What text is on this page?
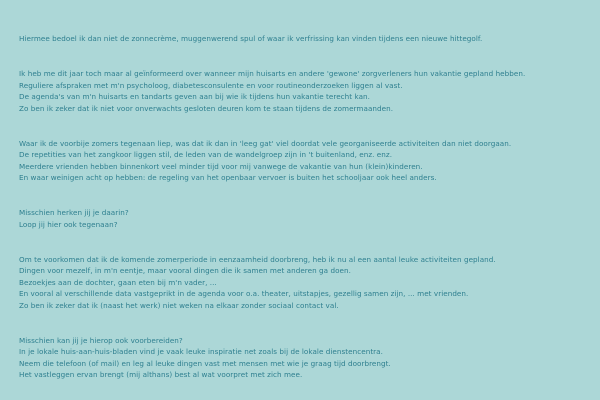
Hiermee bedoel ik dan niet de zonnecrème, muggenwerend spul of waar ik verfrissing kan vinden tijdens een nieuwe hittegolf.

Ik heb me dit jaar toch maar al geïnformeerd over wanneer mijn huisarts en andere 'gewone' zorgverleners hun vakantie gepland hebben.
Reguliere afspraken met m'n psycholoog, diabetesconsulente en voor routineonderzoeken liggen al vast.
De agenda's van m'n huisarts en tandarts geven aan bij wie ik tijdens hun vakantie terecht kan.
Zo ben ik zeker dat ik niet voor onverwachts gesloten deuren kom te staan tijdens de zomermaanden.

Waar ik de voorbije zomers tegenaan liep, was dat ik dan in 'leeg gat' viel doordat vele georganiseerde activiteiten dan niet doorgaan.
De repetities van het zangkoor liggen stil, de leden van de wandelgroep zijn in 't buitenland, enz. enz.
Meerdere vrienden hebben binnenkort veel minder tijd voor mij vanwege de vakantie van hun (klein)kinderen.
En waar weinigen acht op hebben: de regeling van het openbaar vervoer is buiten het schooljaar ook heel anders.

Misschien herken jij je daarin?
Loop jij hier ook tegenaan?

Om te voorkomen dat ik de komende zomerperiode in eenzaamheid doorbreng, heb ik nu al een aantal leuke activiteiten gepland.
Dingen voor mezelf, in m'n eentje, maar vooral dingen die ik samen met anderen ga doen.
Bezoekjes aan de dochter, gaan eten bij m'n vader, ...
En vooral al verschillende data vastgeprikt in de agenda voor o.a. theater, uitstapjes, gezellig samen zijn, ... met vrienden.
Zo ben ik zeker dat ik (naast het werk) niet weken na elkaar zonder sociaal contact val.

Misschien kan jij je hierop ook voorbereiden?
In je lokale huis-aan-huis-bladen vind je vaak leuke inspiratie net zoals bij de lokale dienstencentra.
Neem die telefoon (of mail) en leg al leuke dingen vast met mensen met wie je graag tijd doorbrengt.
Het vastleggen ervan brengt (mij althans) best al wat voorpret met zich mee.
